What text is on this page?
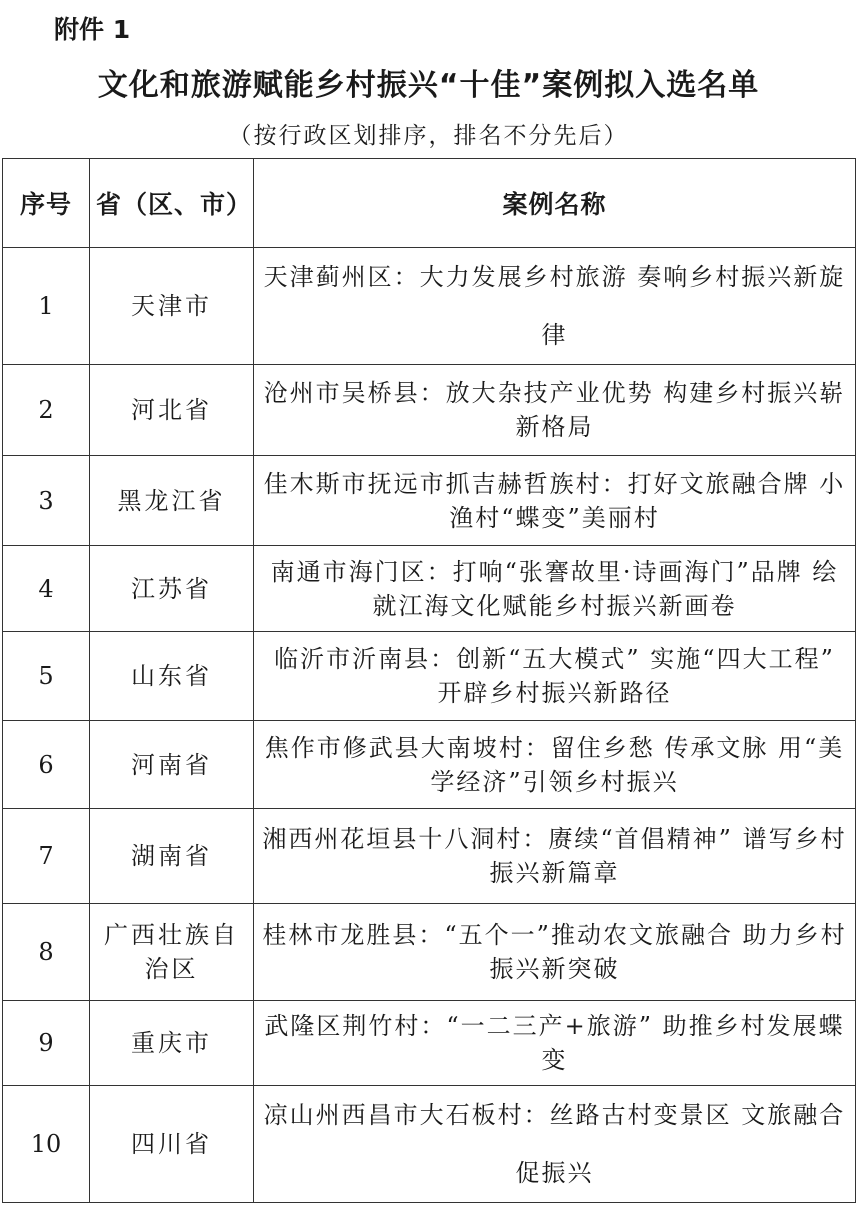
附件 1
文化和旅游赋能乡村振兴“十佳”案例拟入选名单
（按行政区划排序，排名不分先后）
序号	省（区、市）	案例名称
1	天津市	天津蓟州区：大力发展乡村旅游 奏响乡村振兴新旋律
2	河北省	沧州市吴桥县：放大杂技产业优势 构建乡村振兴崭新格局
3	黑龙江省	佳木斯市抚远市抓吉赫哲族村：打好文旅融合牌 小渔村“蝶变”美丽村
4	江苏省	南通市海门区：打响“张謇故里·诗画海门”品牌 绘就江海文化赋能乡村振兴新画卷
5	山东省	临沂市沂南县：创新“五大模式” 实施“四大工程” 开辟乡村振兴新路径
6	河南省	焦作市修武县大南坡村：留住乡愁 传承文脉 用“美学经济”引领乡村振兴
7	湖南省	湘西州花垣县十八洞村：赓续“首倡精神” 谱写乡村振兴新篇章
8	广西壮族自治区	桂林市龙胜县：“五个一”推动农文旅融合 助力乡村振兴新突破
9	重庆市	武隆区荆竹村：“一二三产+旅游” 助推乡村发展蝶变
10	四川省	凉山州西昌市大石板村：丝路古村变景区 文旅融合促振兴
